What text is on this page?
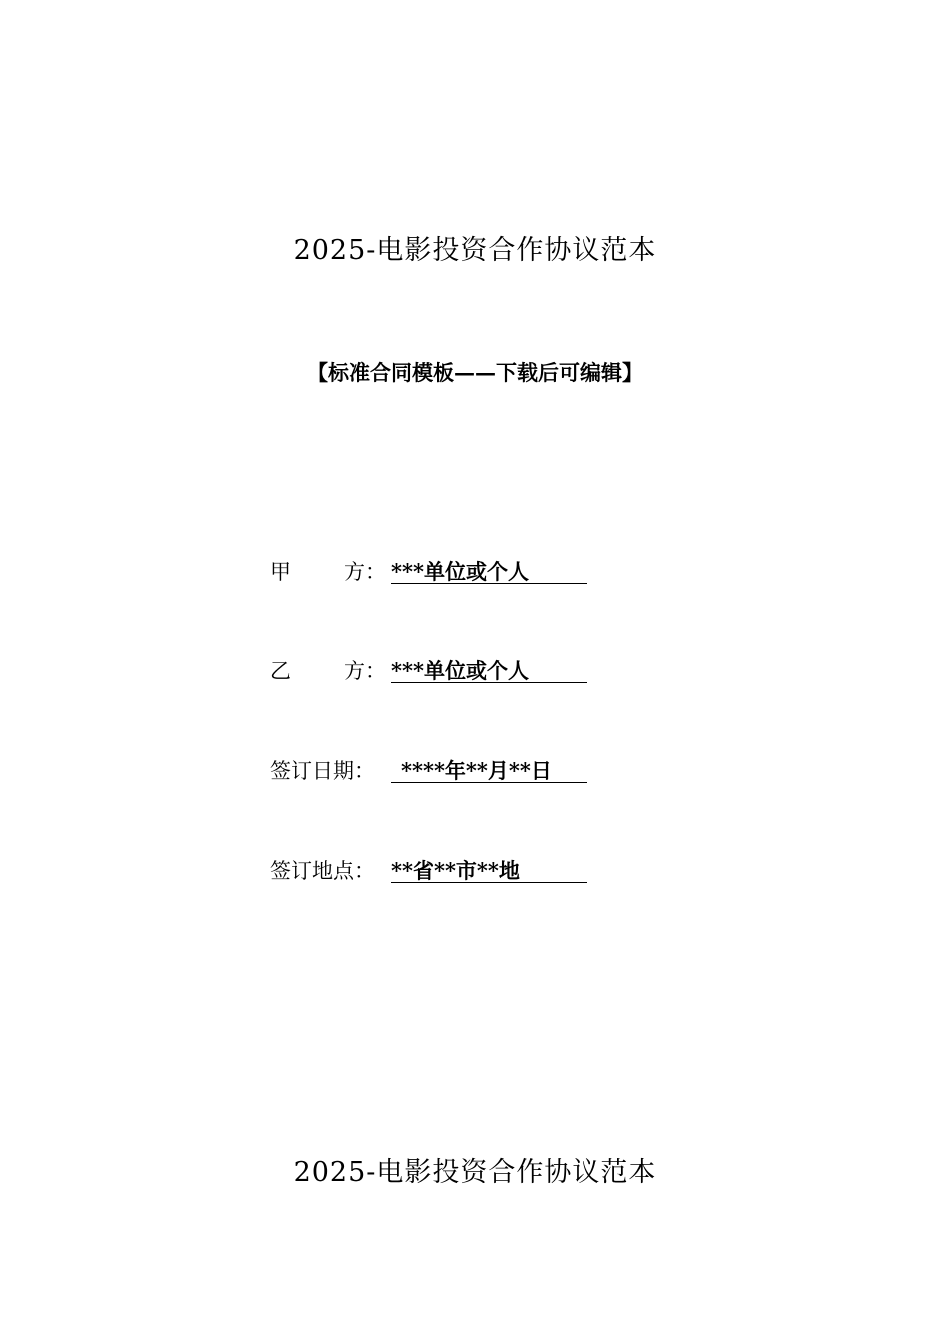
2025-电影投资合作协议范本
【标准合同模板——下载后可编辑】
甲	方： ***单位或个人
乙	方： ***单位或个人
签订日期：	****年**月**日
签订地点： **省**市**地
2025-电影投资合作协议范本
